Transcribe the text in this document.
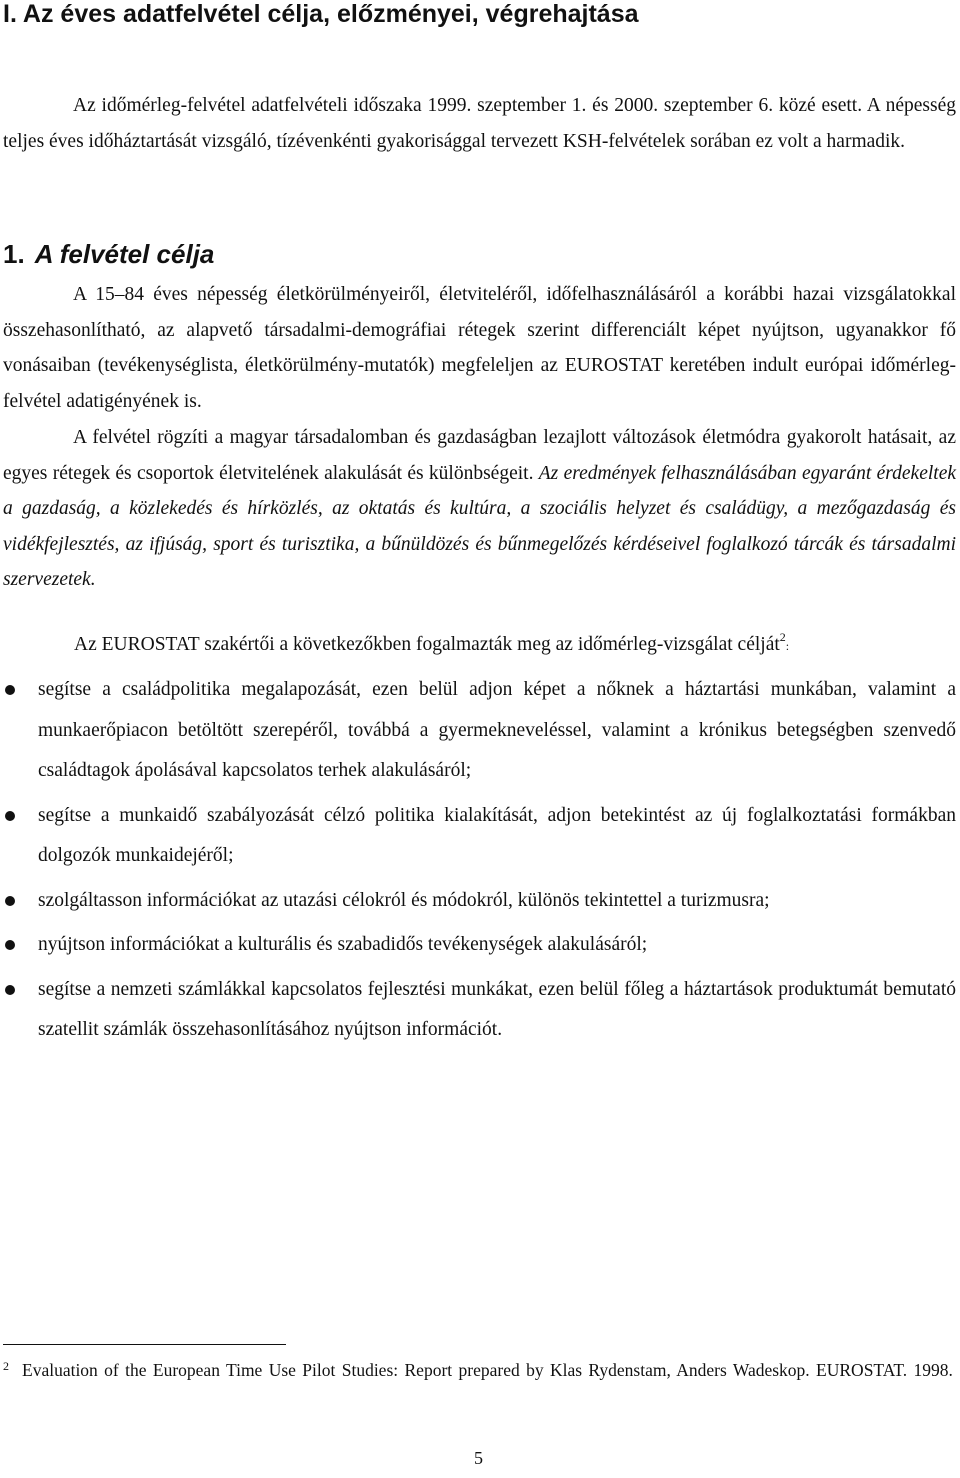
I. Az éves adatfelvétel célja, előzményei, végrehajtása

Az időmérleg-felvétel adatfelvételi időszaka 1999. szeptember 1. és 2000. szeptember 6. közé esett. A népesség teljes éves időháztartását vizsgáló, tízévenkénti gyakorisággal tervezett KSH-felvételek sorában ez volt a harmadik.

1. A felvétel célja

A 15–84 éves népesség életkörülményeiről, életviteléről, időfelhasználásáról a korábbi hazai vizsgálatokkal összehasonlítható, az alapvető társadalmi-demográfiai rétegek szerint differenciált képet nyújtson, ugyanakkor fő vonásaiban (tevékenységlista, életkörülmény-mutatók) megfeleljen az EUROSTAT keretében indult európai időmérleg-felvétel adatigényének is.

A felvétel rögzíti a magyar társadalomban és gazdaságban lezajlott változások életmódra gyakorolt hatásait, az egyes rétegek és csoportok életvitelének alakulását és különbségeit. Az eredmények felhasználásában egyaránt érdekeltek a gazdaság, a közlekedés és hírközlés, az oktatás és kultúra, a szociális helyzet és családügy, a mezőgazdaság és vidékfejlesztés, az ifjúság, sport és turisztika, a bűnüldözés és bűnmegelőzés kérdéseivel foglalkozó tárcák és társadalmi szervezetek.

Az EUROSTAT szakértői a következőkben fogalmazták meg az időmérleg-vizsgálat célját$^2$:

segítse a családpolitika megalapozását, ezen belül adjon képet a nőknek a háztartási munkában, valamint a munkaerőpiacon betöltött szerepéről, továbbá a gyermekneveléssel, valamint a krónikus betegségben szenvedő családtagok ápolásával kapcsolatos terhek alakulásáról;
segítse a munkaidő szabályozását célzó politika kialakítását, adjon betekintést az új foglalkoztatási formákban dolgozók munkaidejéről;
szolgáltasson információkat az utazási célokról és módokról, különös tekintettel a turizmusra;
nyújtson információkat a kulturális és szabadidős tevékenységek alakulásáról;
segítse a nemzeti számlákkal kapcsolatos fejlesztési munkákat, ezen belül főleg a háztartások produktumát bemutató szatellit számlák összehasonlításához nyújtson információt.

2 Evaluation of the European Time Use Pilot Studies: Report prepared by Klas Rydenstam, Anders Wadeskop. EUROSTAT. 1998.

5
